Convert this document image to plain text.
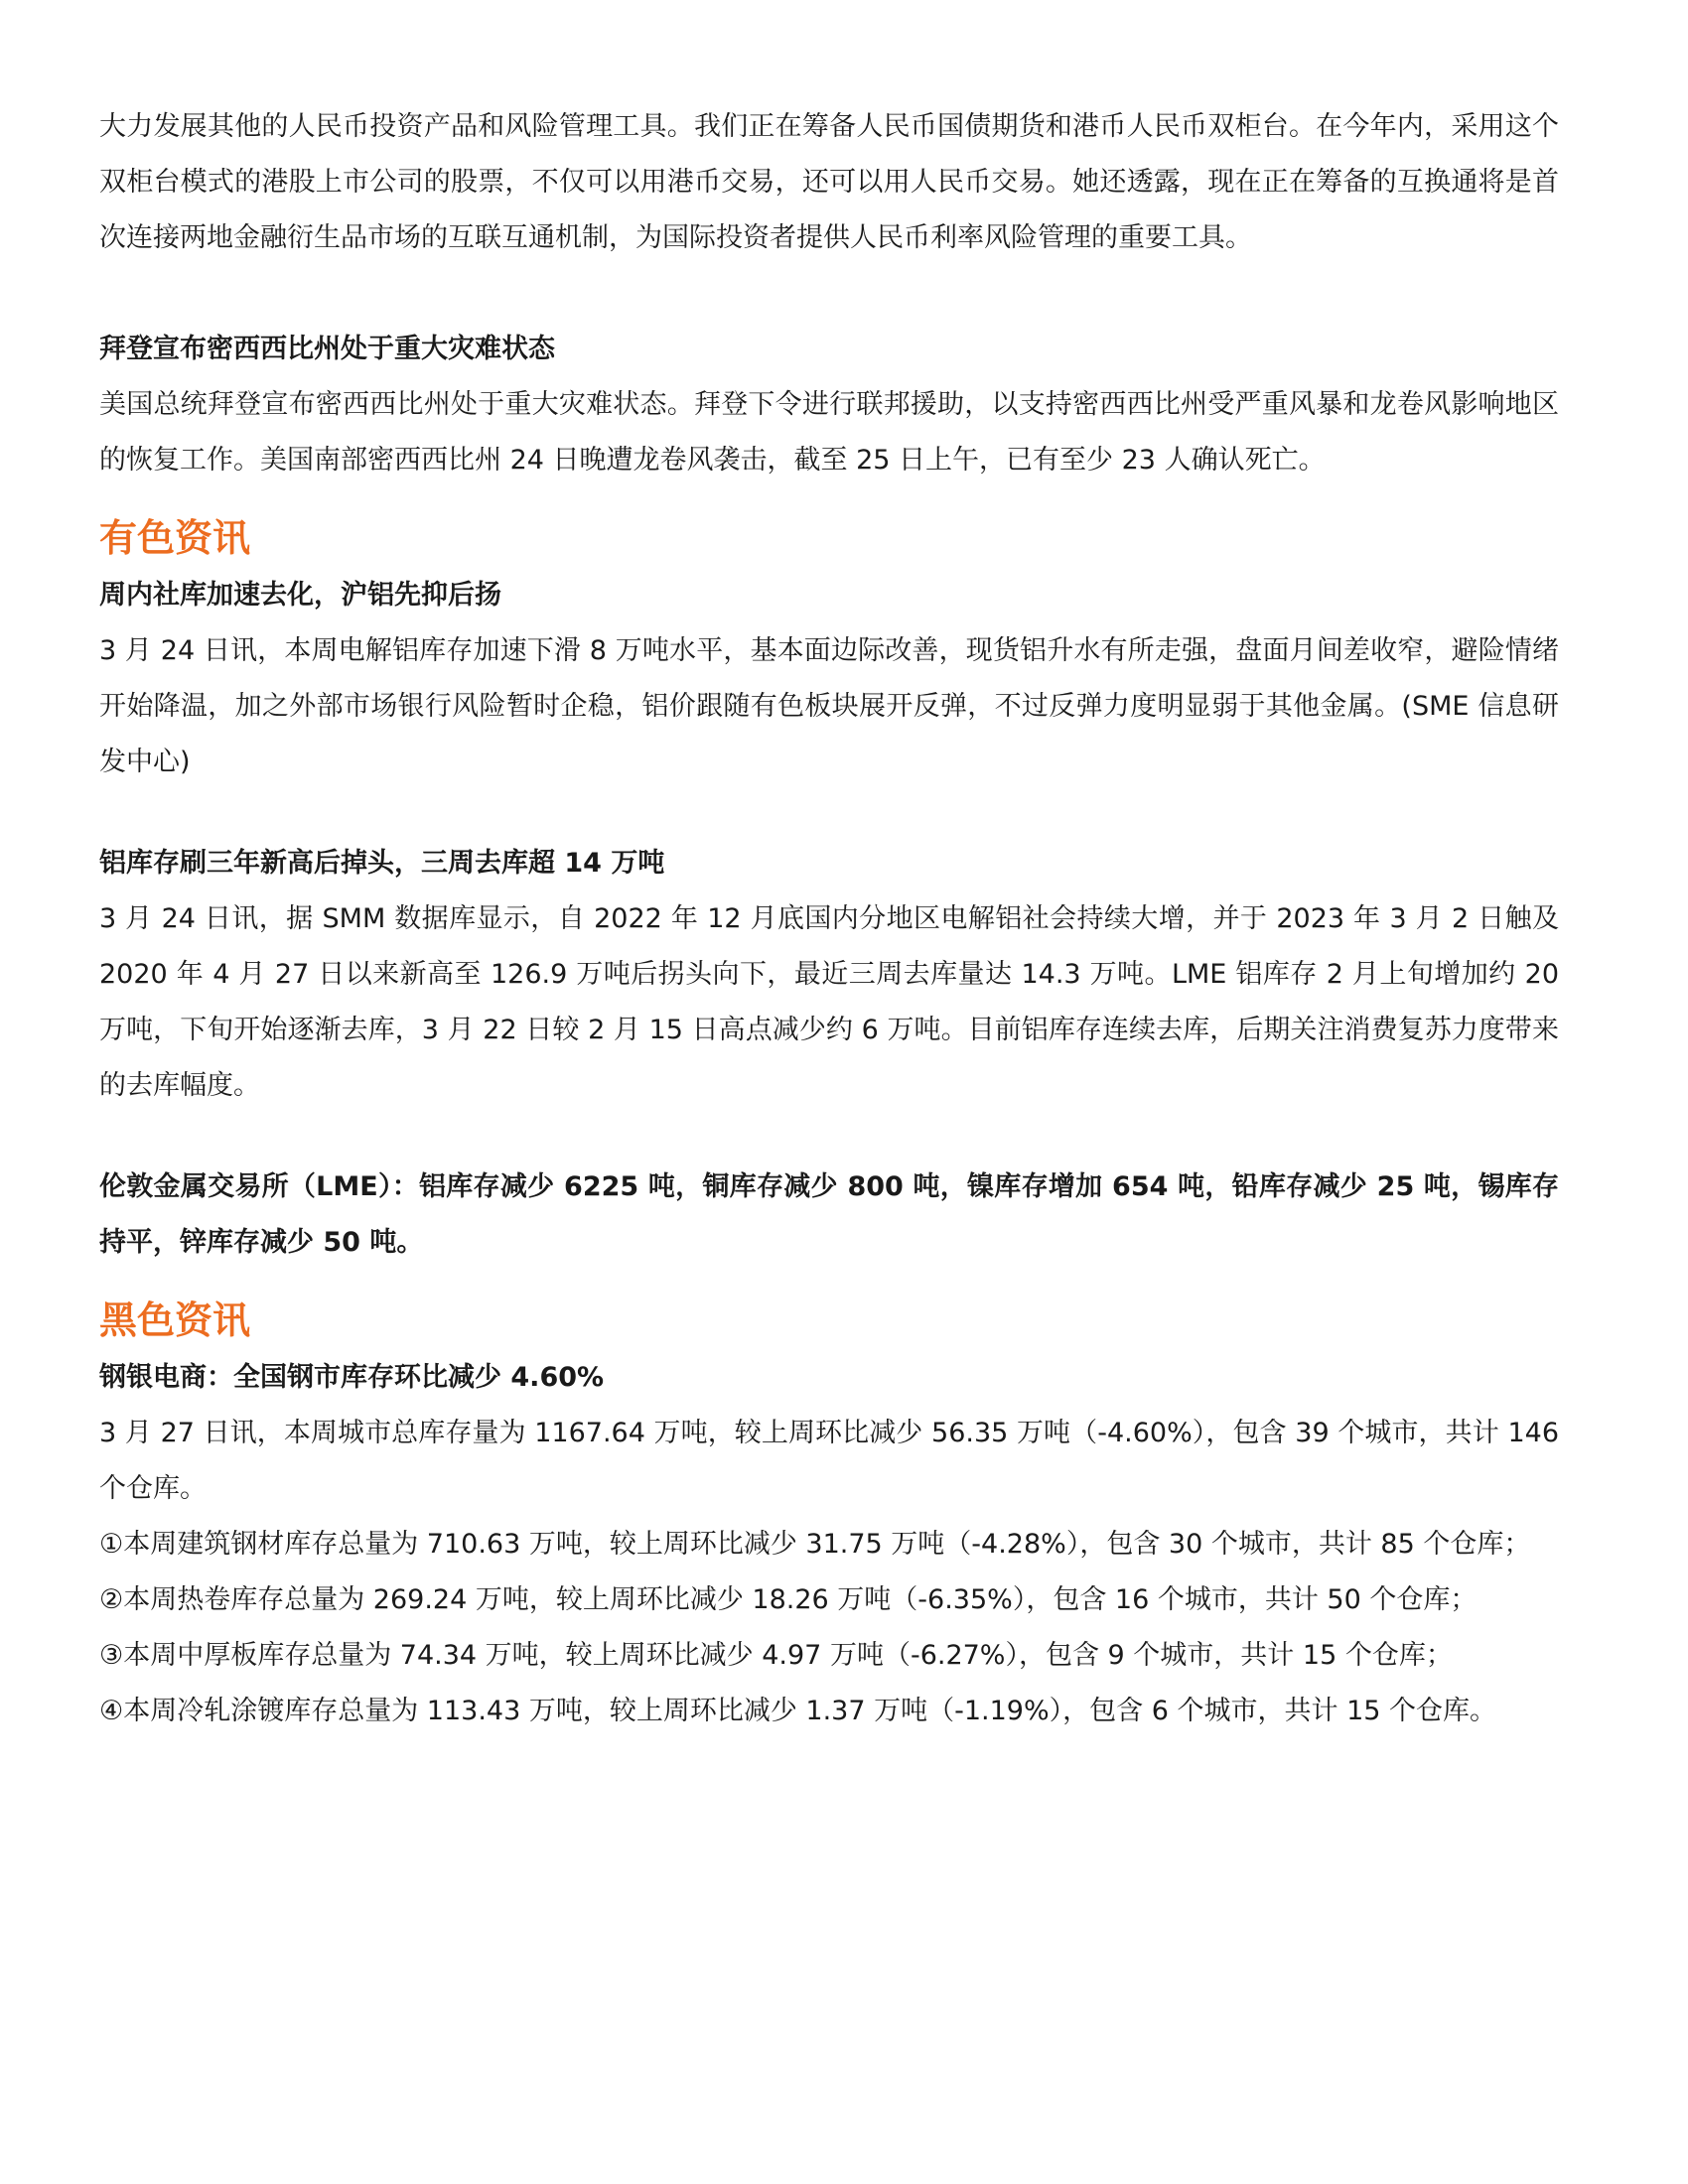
大力发展其他的人民币投资产品和风险管理工具。我们正在筹备人民币国债期货和港币人民币双柜台。在今年内，采用这个双柜台模式的港股上市公司的股票，不仅可以用港币交易，还可以用人民币交易。她还透露，现在正在筹备的互换通将是首次连接两地金融衍生品市场的互联互通机制，为国际投资者提供人民币利率风险管理的重要工具。

拜登宣布密西西比州处于重大灾难状态

美国总统拜登宣布密西西比州处于重大灾难状态。拜登下令进行联邦援助，以支持密西西比州受严重风暴和龙卷风影响地区的恢复工作。美国南部密西西比州 24 日晚遭龙卷风袭击，截至 25 日上午，已有至少 23 人确认死亡。

有色资讯
周内社库加速去化，沪铝先抑后扬

3 月 24 日讯，本周电解铝库存加速下滑 8 万吨水平，基本面边际改善，现货铝升水有所走强，盘面月间差收窄，避险情绪开始降温，加之外部市场银行风险暂时企稳，铝价跟随有色板块展开反弹，不过反弹力度明显弱于其他金属。(SME 信息研发中心)

铝库存刷三年新高后掉头，三周去库超 14 万吨

3 月 24 日讯，据 SMM 数据库显示，自 2022 年 12 月底国内分地区电解铝社会持续大增，并于 2023 年 3 月 2 日触及 2020 年 4 月 27 日以来新高至 126.9 万吨后拐头向下，最近三周去库量达 14.3 万吨。LME 铝库存 2 月上旬增加约 20 万吨，下旬开始逐渐去库，3 月 22 日较 2 月 15 日高点减少约 6 万吨。目前铝库存连续去库，后期关注消费复苏力度带来的去库幅度。

伦敦金属交易所（LME）：铝库存减少 6225 吨，铜库存减少 800 吨，镍库存增加 654 吨，铅库存减少 25 吨，锡库存持平，锌库存减少 50 吨。

黑色资讯
钢银电商：全国钢市库存环比减少 4.60%

3 月 27 日讯，本周城市总库存量为 1167.64 万吨，较上周环比减少 56.35 万吨（-4.60%），包含 39 个城市，共计 146 个仓库。

①本周建筑钢材库存总量为 710.63 万吨，较上周环比减少 31.75 万吨（-4.28%），包含 30 个城市，共计 85 个仓库；

②本周热卷库存总量为 269.24 万吨，较上周环比减少 18.26 万吨（-6.35%），包含 16 个城市，共计 50 个仓库；

③本周中厚板库存总量为 74.34 万吨，较上周环比减少 4.97 万吨（-6.27%），包含 9 个城市，共计 15 个仓库；

④本周冷轧涂镀库存总量为 113.43 万吨，较上周环比减少 1.37 万吨（-1.19%），包含 6 个城市，共计 15 个仓库。
